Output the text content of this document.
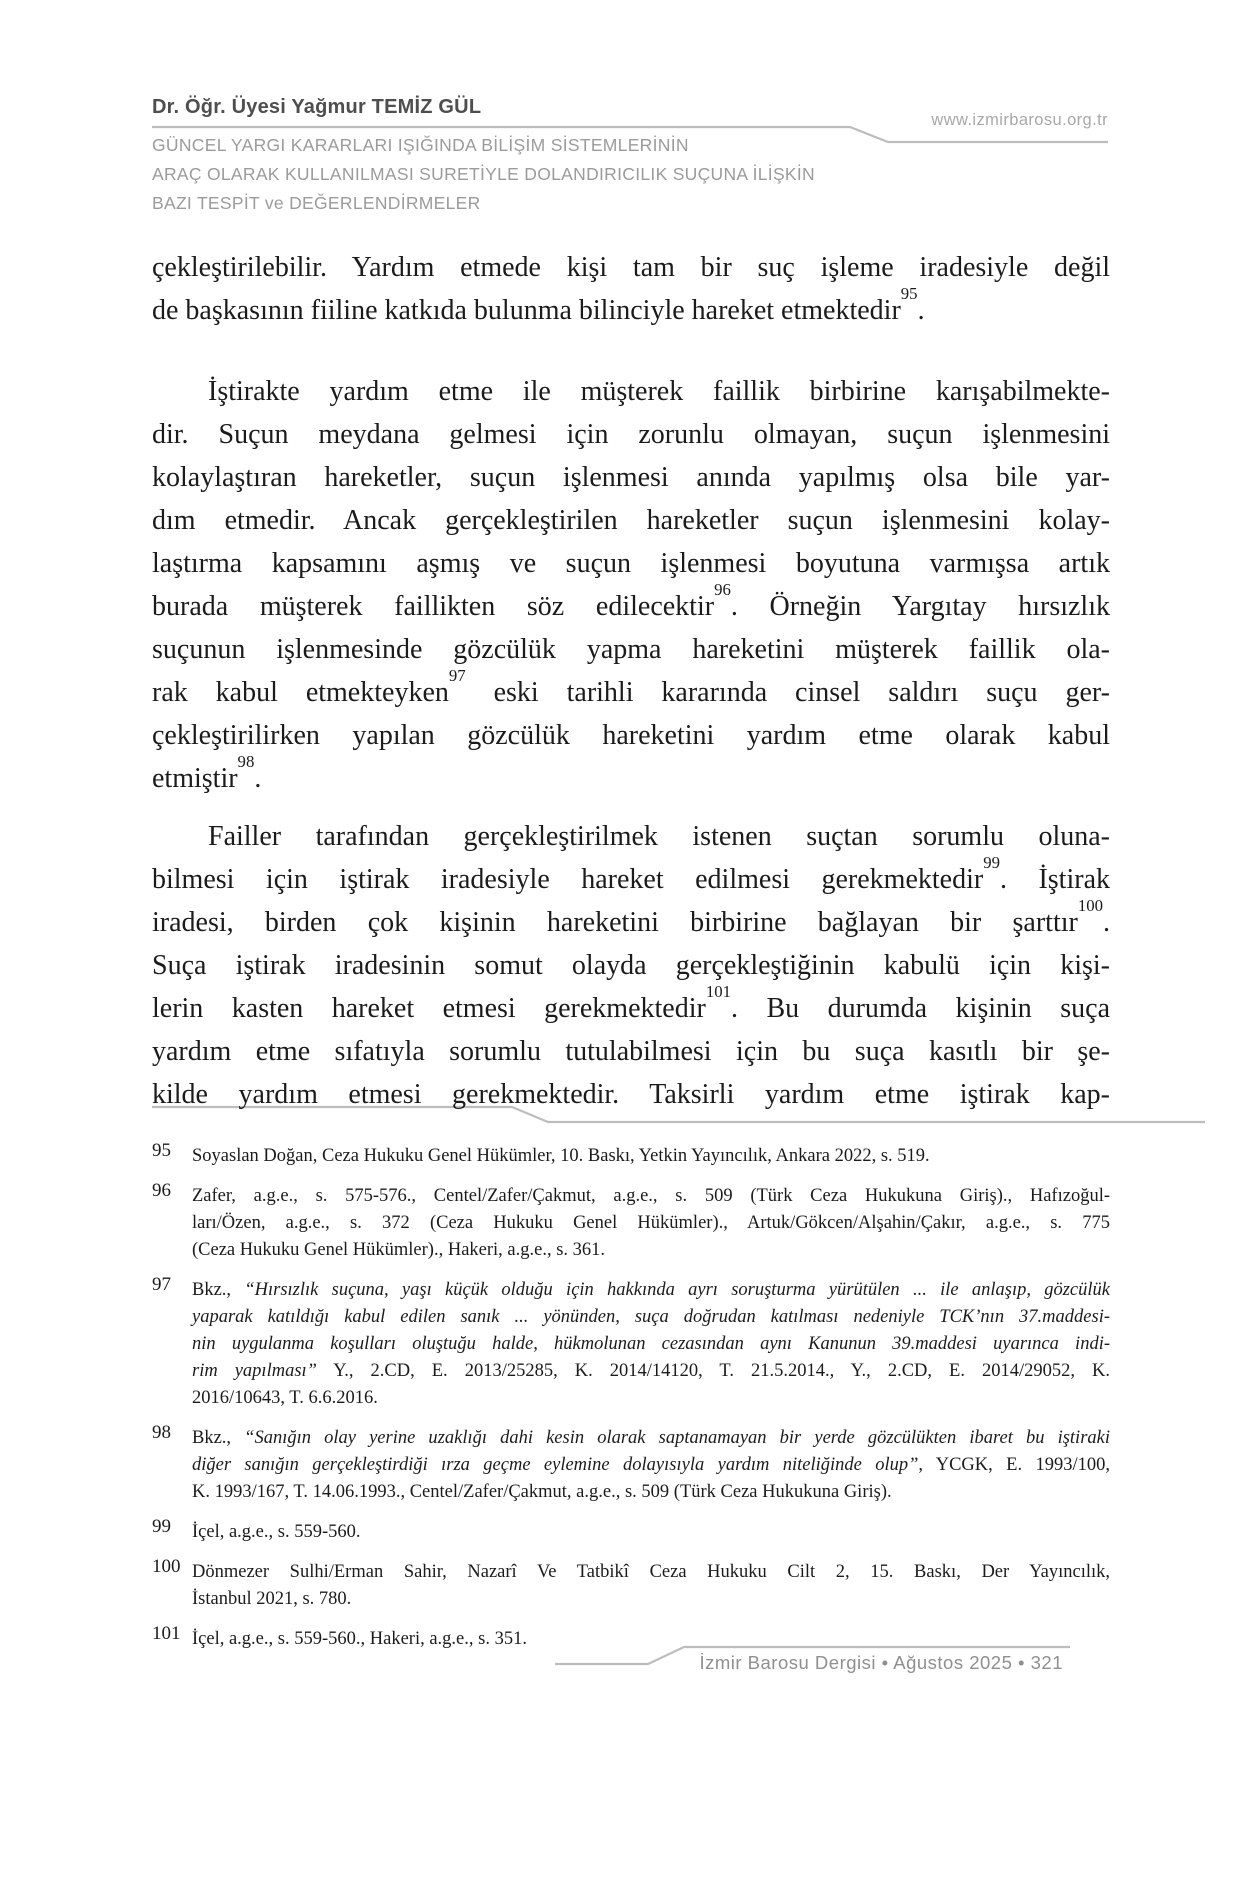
Dr. Öğr. Üyesi Yağmur TEMİZ GÜL
www.izmirbarosu.org.tr
GÜNCEL YARGI KARARLARI IŞIĞINDA BİLİŞİM SİSTEMLERİNİN
ARAÇ OLARAK KULLANILMASI SURETİYLE DOLANDIRICILIK SUÇUNA İLİŞKİN
BAZI TESPİT ve DEĞERLENDİRMELER
çekleştirilebilir. Yardım etmede kişi tam bir suç işleme iradesiyle değil
de başkasının fiiline katkıda bulunma bilinciyle hareket etmektedir$^{95}$.
İştirakte yardım etme ile müşterek faillik birbirine karışabilmekte-
dir. Suçun meydana gelmesi için zorunlu olmayan, suçun işlenmesini
kolaylaştıran hareketler, suçun işlenmesi anında yapılmış olsa bile yar-
dım etmedir. Ancak gerçekleştirilen hareketler suçun işlenmesini kolay-
laştırma kapsamını aşmış ve suçun işlenmesi boyutuna varmışsa artık
burada müşterek faillikten söz edilecektir$^{96}$. Örneğin Yargıtay hırsızlık
suçunun işlenmesinde gözcülük yapma hareketini müşterek faillik ola-
rak kabul etmekteyken$^{97}$ eski tarihli kararında cinsel saldırı suçu ger-
çekleştirilirken yapılan gözcülük hareketini yardım etme olarak kabul
etmiştir$^{98}$.
Failler tarafından gerçekleştirilmek istenen suçtan sorumlu oluna-
bilmesi için iştirak iradesiyle hareket edilmesi gerekmektedir$^{99}$. İştirak
iradesi, birden çok kişinin hareketini birbirine bağlayan bir şarttır$^{100}$.
Suça iştirak iradesinin somut olayda gerçekleştiğinin kabulü için kişi-
lerin kasten hareket etmesi gerekmektedir$^{101}$. Bu durumda kişinin suça
yardım etme sıfatıyla sorumlu tutulabilmesi için bu suça kasıtlı bir şe-
kilde yardım etmesi gerekmektedir. Taksirli yardım etme iştirak kap-
95 Soyaslan Doğan, Ceza Hukuku Genel Hükümler, 10. Baskı, Yetkin Yayıncılık, Ankara 2022, s. 519.
96 Zafer, a.g.e., s. 575-576., Centel/Zafer/Çakmut, a.g.e., s. 509 (Türk Ceza Hukukuna Giriş)., Hafızoğul-
ları/Özen, a.g.e., s. 372 (Ceza Hukuku Genel Hükümler)., Artuk/Gökcen/Alşahin/Çakır, a.g.e., s. 775
(Ceza Hukuku Genel Hükümler)., Hakeri, a.g.e., s. 361.
97 Bkz., “Hırsızlık suçuna, yaşı küçük olduğu için hakkında ayrı soruşturma yürütülen ... ile anlaşıp, gözcülük
yaparak katıldığı kabul edilen sanık ... yönünden, suça doğrudan katılması nedeniyle TCK’nın 37.maddesi-
nin uygulanma koşulları oluştuğu halde, hükmolunan cezasından aynı Kanunun 39.maddesi uyarınca indi-
rim yapılması” Y., 2.CD, E. 2013/25285, K. 2014/14120, T. 21.5.2014., Y., 2.CD, E. 2014/29052, K.
2016/10643, T. 6.6.2016.
98 Bkz., “Sanığın olay yerine uzaklığı dahi kesin olarak saptanamayan bir yerde gözcülükten ibaret bu iştiraki
diğer sanığın gerçekleştirdiği ırza geçme eylemine dolayısıyla yardım niteliğinde olup”, YCGK, E. 1993/100,
K. 1993/167, T. 14.06.1993., Centel/Zafer/Çakmut, a.g.e., s. 509 (Türk Ceza Hukukuna Giriş).
99 İçel, a.g.e., s. 559-560.
100 Dönmezer Sulhi/Erman Sahir, Nazarî Ve Tatbikî Ceza Hukuku Cilt 2, 15. Baskı, Der Yayıncılık,
İstanbul 2021, s. 780.
101 İçel, a.g.e., s. 559-560., Hakeri, a.g.e., s. 351.
İzmir Barosu Dergisi • Ağustos 2025 • 321
